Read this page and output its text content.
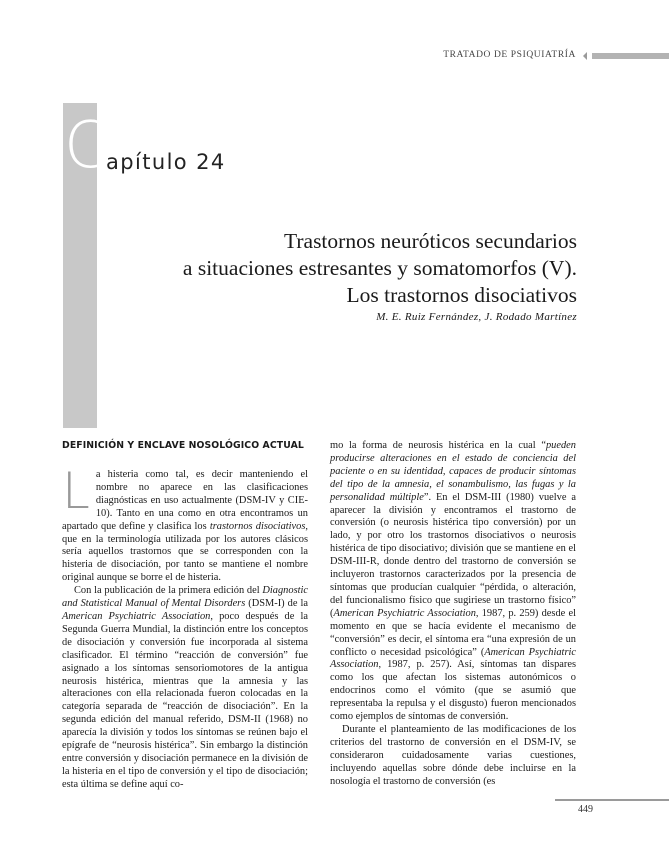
TRATADO DE PSIQUIATRÍA
C
apítulo 24
Trastornos neuróticos secundarios
a situaciones estresantes y somatomorfos (V).
Los trastornos disociativos
M. E. Ruiz Fernández, J. Rodado Martínez
DEFINICIÓN Y ENCLAVE NOSOLÓGICO ACTUAL

La histeria como tal, es decir manteniendo el nombre no aparece en las clasificaciones diagnósticas en uso actualmente (DSM-IV y CIE-10). Tanto en una como en otra encontramos un apartado que define y clasifica los trastornos disociativos, que en la terminología utilizada por los autores clásicos sería aquellos trastornos que se corresponden con la histeria de disociación, por tanto se mantiene el nombre original aunque se borre el de histeria.

Con la publicación de la primera edición del Diagnostic and Statistical Manual of Mental Disorders (DSM-I) de la American Psychiatric Association, poco después de la Segunda Guerra Mundial, la distinción entre los conceptos de disociación y conversión fue incorporada al sistema clasificador. El término “reacción de conversión” fue asignado a los síntomas sensoriomotores de la antigua neurosis histérica, mientras que la amnesia y las alteraciones con ella relacionada fueron colocadas en la categoría separada de “reacción de disociación”. En la segunda edición del manual referido, DSM-II (1968) no aparecía la división y todos los síntomas se reúnen bajo el epígrafe de “neurosis histérica”. Sin embargo la distinción entre conversión y disociación permanece en la división de la histeria en el tipo de conversión y el tipo de disociación; esta última se define aquí co-

mo la forma de neurosis histérica en la cual “pueden producirse alteraciones en el estado de conciencia del paciente o en su identidad, capaces de producir síntomas del tipo de la amnesia, el sonambulismo, las fugas y la personalidad múltiple”. En el DSM-III (1980) vuelve a aparecer la división y encontramos el trastorno de conversión (o neurosis histérica tipo conversión) por un lado, y por otro los trastornos disociativos o neurosis histérica de tipo disociativo; división que se mantiene en el DSM-III-R, donde dentro del trastorno de conversión se incluyeron trastornos caracterizados por la presencia de síntomas que producían cualquier “pérdida, o alteración, del funcionalismo físico que sugiriese un trastorno físico” (American Psychiatric Association, 1987, p. 259) desde el momento en que se hacía evidente el mecanismo de “conversión” es decir, el síntoma era “una expresión de un conflicto o necesidad psicológica” (American Psychiatric Association, 1987, p. 257). Así, síntomas tan dispares como los que afectan los sistemas autonómicos o endocrinos como el vómito (que se asumió que representaba la repulsa y el disgusto) fueron mencionados como ejemplos de síntomas de conversión.

Durante el planteamiento de las modificaciones de los criterios del trastorno de conversión en el DSM-IV, se consideraron cuidadosamente varias cuestiones, incluyendo aquellas sobre dónde debe incluirse en la nosología el trastorno de conversión (es

449
